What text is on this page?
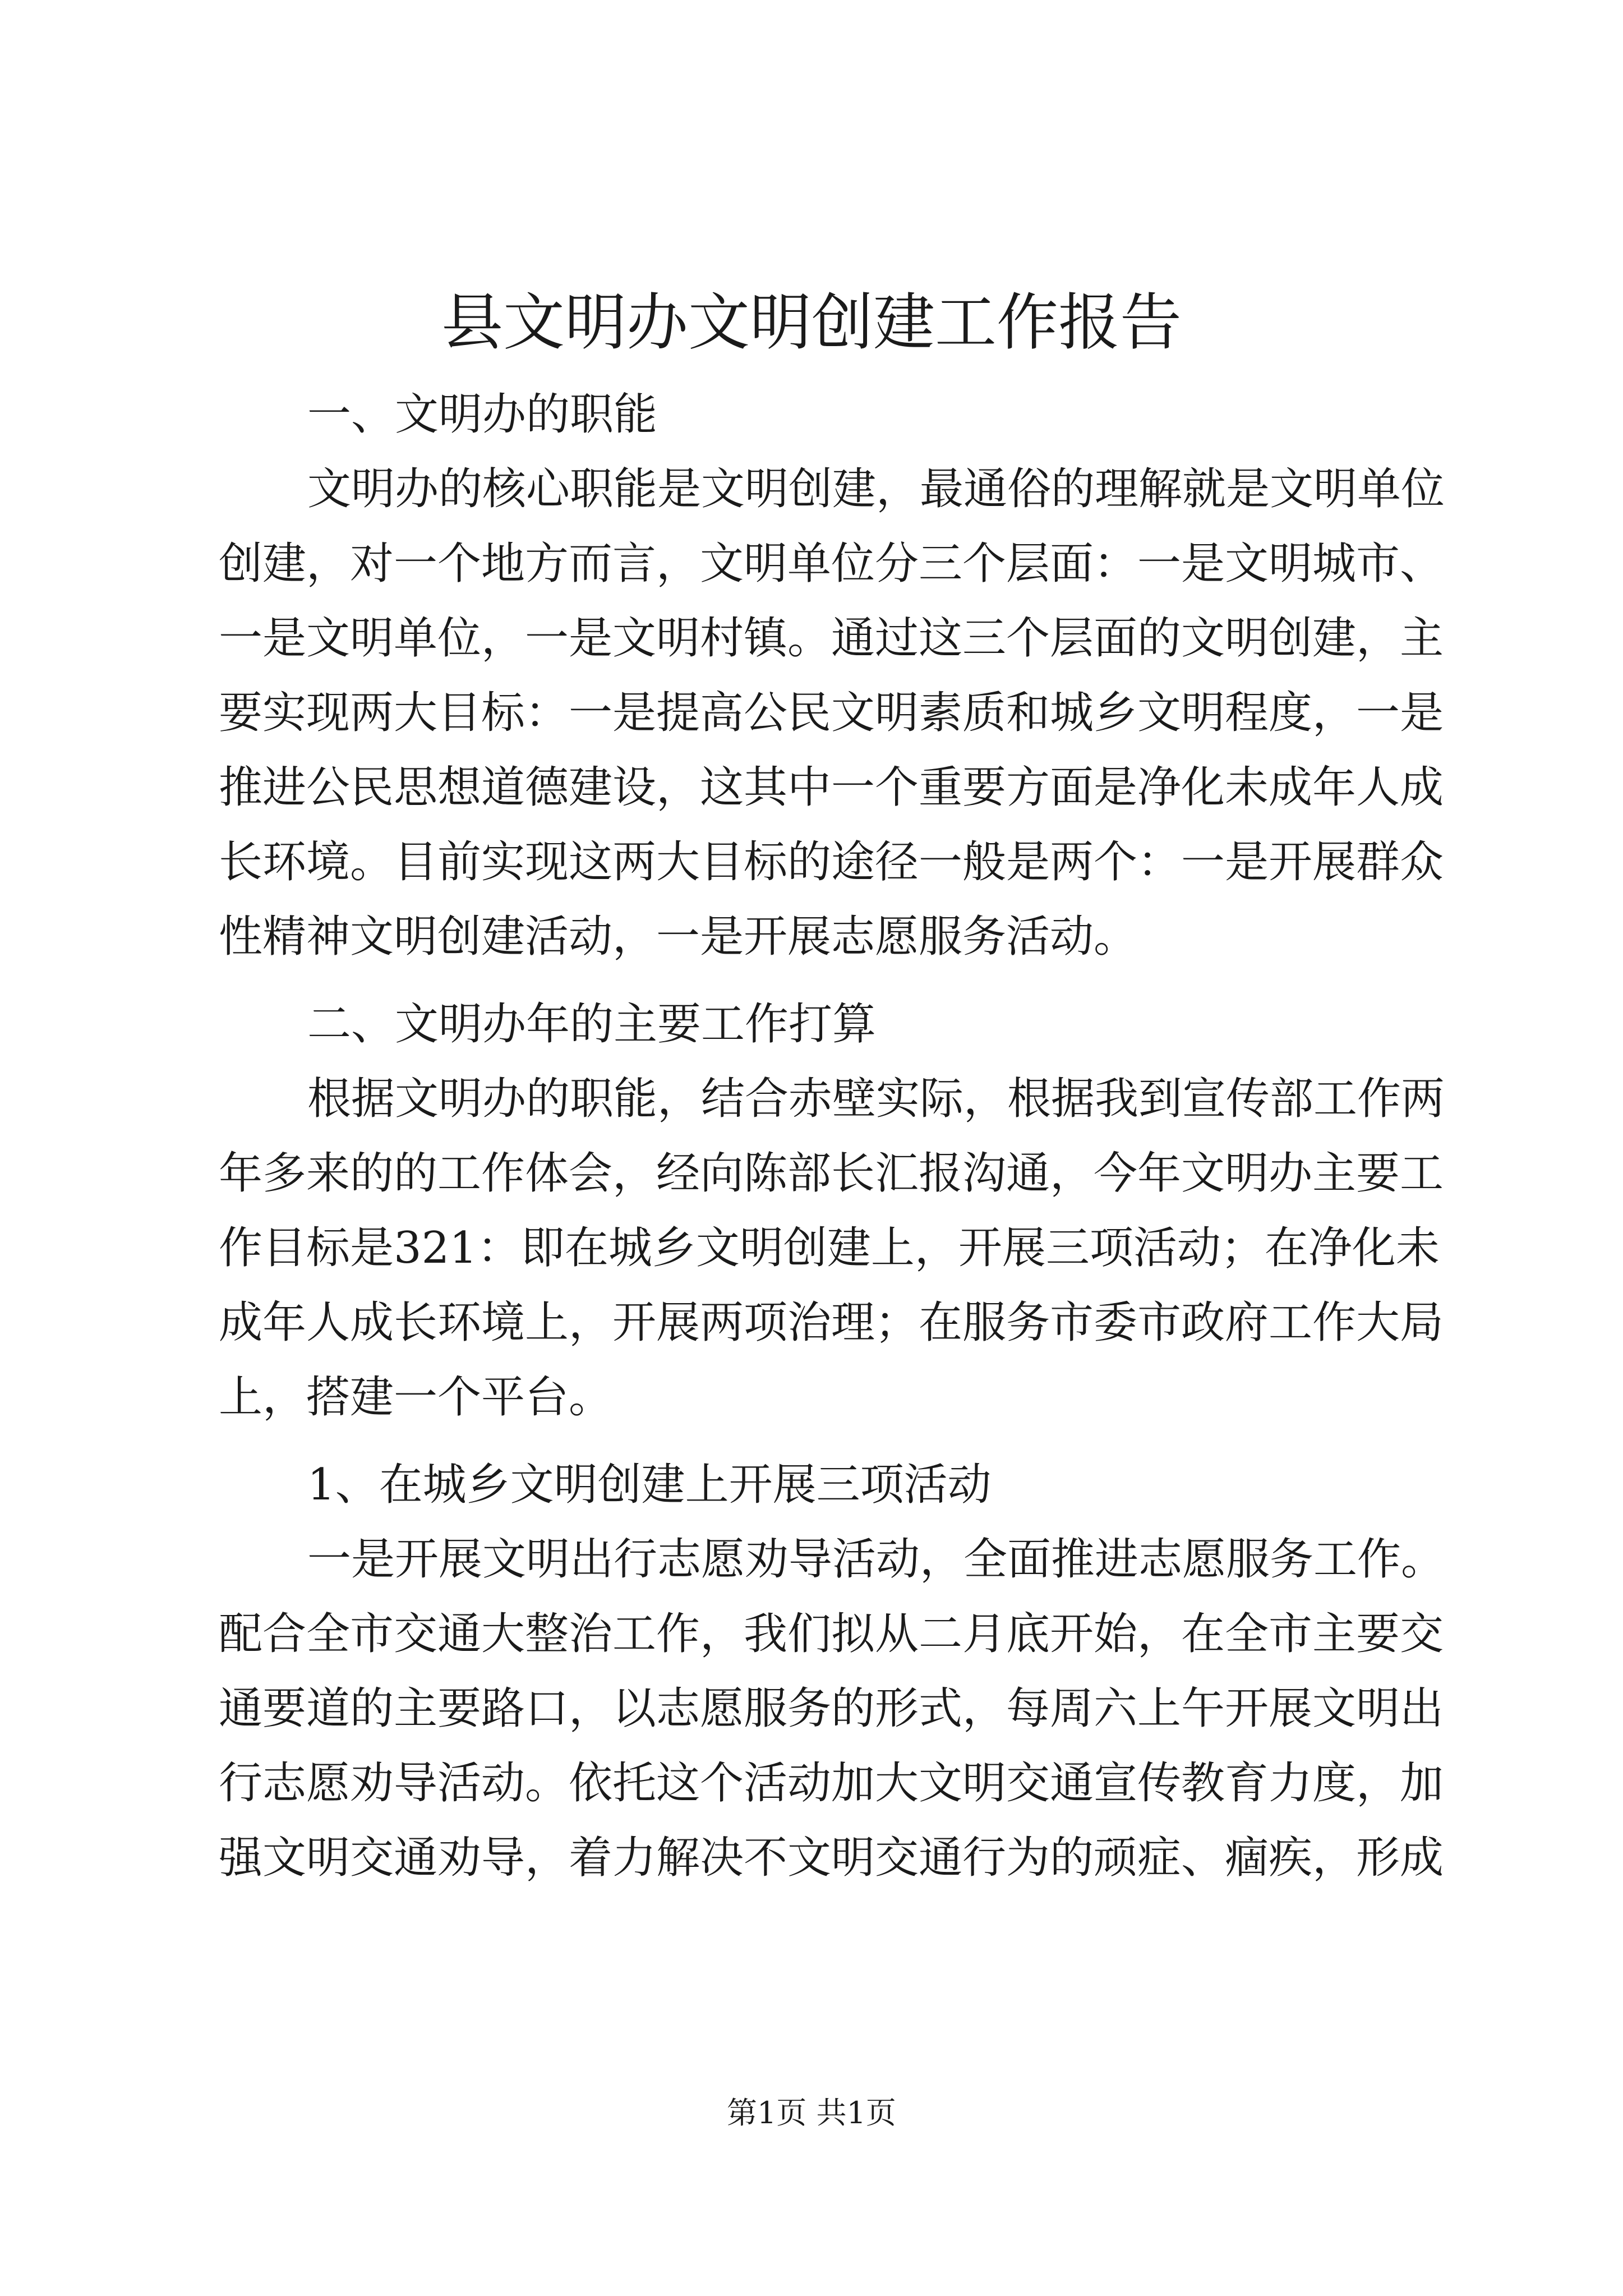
县文明办文明创建工作报告
一、文明办的职能
文明办的核心职能是文明创建，最通俗的理解就是文明单位
创建，对一个地方而言，文明单位分三个层面：一是文明城市、
一是文明单位，一是文明村镇。通过这三个层面的文明创建，主
要实现两大目标：一是提高公民文明素质和城乡文明程度，一是
推进公民思想道德建设，这其中一个重要方面是净化未成年人成
长环境。目前实现这两大目标的途径一般是两个：一是开展群众
性精神文明创建活动，一是开展志愿服务活动。
二、文明办年的主要工作打算
根据文明办的职能，结合赤壁实际，根据我到宣传部工作两
年多来的的工作体会，经向陈部长汇报沟通，今年文明办主要工
作目标是321：即在城乡文明创建上，开展三项活动；在净化未
成年人成长环境上，开展两项治理；在服务市委市政府工作大局
上，搭建一个平台。
1、在城乡文明创建上开展三项活动
一是开展文明出行志愿劝导活动，全面推进志愿服务工作。
配合全市交通大整治工作，我们拟从二月底开始，在全市主要交
通要道的主要路口，以志愿服务的形式，每周六上午开展文明出
行志愿劝导活动。依托这个活动加大文明交通宣传教育力度，加
强文明交通劝导，着力解决不文明交通行为的顽症、痼疾，形成
第1页 共1页
